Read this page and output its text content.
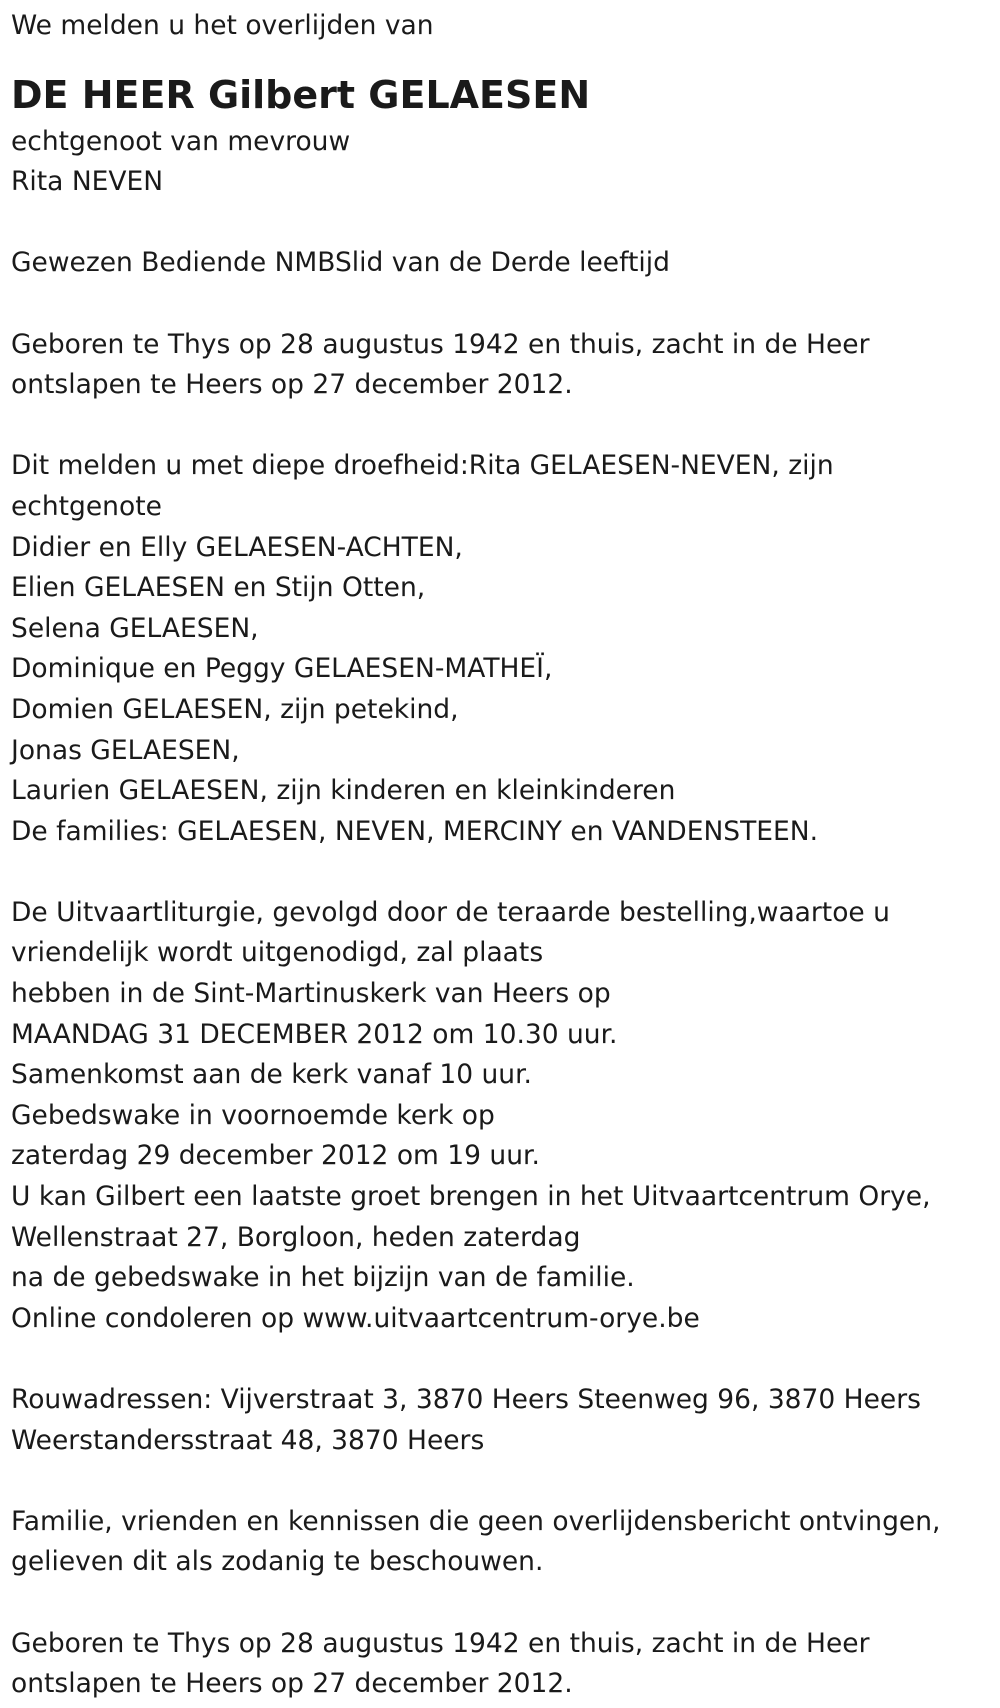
We melden u het overlijden van
DE HEER Gilbert GELAESEN
echtgenoot van mevrouw
Rita NEVEN
Gewezen Bediende NMBSlid van de Derde leeftijd
Geboren te Thys op 28 augustus 1942 en thuis, zacht in de Heer
ontslapen te Heers op 27 december 2012.
Dit melden u met diepe droefheid:Rita GELAESEN-NEVEN, zijn
echtgenote
Didier en Elly GELAESEN-ACHTEN,
Elien GELAESEN en Stijn Otten,
Selena GELAESEN,
Dominique en Peggy GELAESEN-MATHEÏ,
Domien GELAESEN, zijn petekind,
Jonas GELAESEN,
Laurien GELAESEN, zijn kinderen en kleinkinderen
De families: GELAESEN, NEVEN, MERCINY en VANDENSTEEN.
De Uitvaartliturgie, gevolgd door de teraarde bestelling,waartoe u
vriendelijk wordt uitgenodigd, zal plaats
hebben in de Sint-Martinuskerk van Heers op
MAANDAG 31 DECEMBER 2012 om 10.30 uur.
Samenkomst aan de kerk vanaf 10 uur.
Gebedswake in voornoemde kerk op
zaterdag 29 december 2012 om 19 uur.
U kan Gilbert een laatste groet brengen in het Uitvaartcentrum Orye,
Wellenstraat 27, Borgloon, heden zaterdag
na de gebedswake in het bijzijn van de familie.
Online condoleren op www.uitvaartcentrum-orye.be
Rouwadressen: Vijverstraat 3, 3870 Heers Steenweg 96, 3870 Heers
Weerstandersstraat 48, 3870 Heers
Familie, vrienden en kennissen die geen overlijdensbericht ontvingen,
gelieven dit als zodanig te beschouwen.
Geboren te Thys op 28 augustus 1942 en thuis, zacht in de Heer
ontslapen te Heers op 27 december 2012.
